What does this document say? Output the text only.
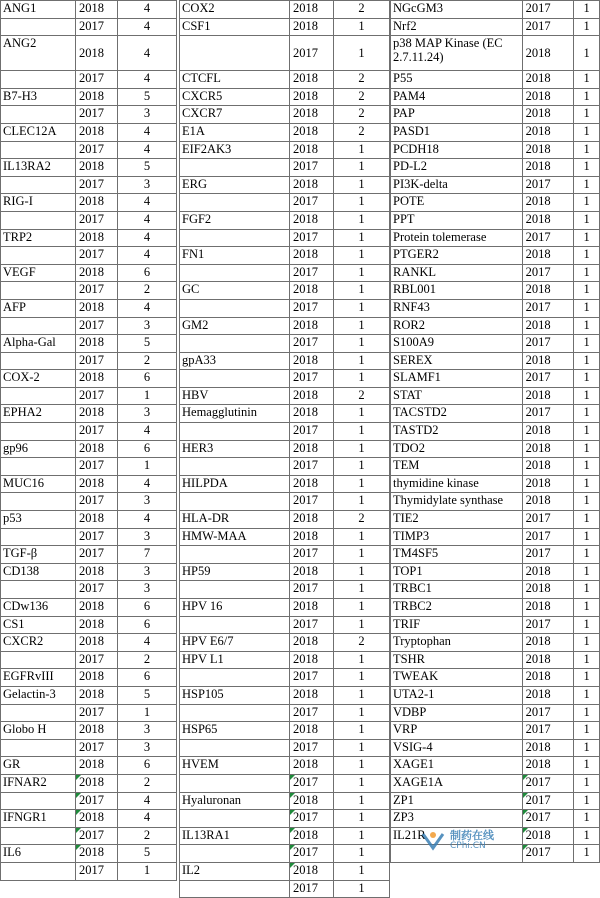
ANG1	2018	4
	2017	4
ANG2	2018	4
	2017	4
B7-H3	2018	5
	2017	3
CLEC12A	2018	4
	2017	4
IL13RA2	2018	5
	2017	3
RIG-I	2018	4
	2017	4
TRP2	2018	4
	2017	4
VEGF	2018	6
	2017	2
AFP	2018	4
	2017	3
Alpha-Gal	2018	5
	2017	2
COX-2	2018	6
	2017	1
EPHA2	2018	3
	2017	4
gp96	2018	6
	2017	1
MUC16	2018	4
	2017	3
p53	2018	4
	2017	3
TGF-β	2017	7
CD138	2018	3
	2017	3
CDw136	2018	6
CS1	2018	6
CXCR2	2018	4
	2017	2
EGFRvIII	2018	6
Gelactin-3	2018	5
	2017	1
Globo H	2018	3
	2017	3
GR	2018	6
IFNAR2	2018	2
	2017	4
IFNGR1	2018	4
	2017	2
IL6	2018	5
	2017	1
COX2	2018	2
CSF1	2018	1
	2017	1
CTCFL	2018	2
CXCR5	2018	2
CXCR7	2018	2
E1A	2018	2
EIF2AK3	2018	1
	2017	1
ERG	2018	1
	2017	1
FGF2	2018	1
	2017	1
FN1	2018	1
	2017	1
GC	2018	1
	2017	1
GM2	2018	1
	2017	1
gpA33	2018	1
	2017	1
HBV	2018	2
Hemagglutinin	2018	1
	2017	1
HER3	2018	1
	2017	1
HILPDA	2018	1
	2017	1
HLA-DR	2018	2
HMW-MAA	2018	1
	2017	1
HP59	2018	1
	2017	1
HPV 16	2018	1
	2017	1
HPV E6/7	2018	2
HPV L1	2018	1
	2017	1
HSP105	2018	1
	2017	1
HSP65	2018	1
	2017	1
HVEM	2018	1
	2017	1
Hyaluronan	2018	1
	2017	1
IL13RA1	2018	1
	2017	1
IL2	2018	1
	2017	1
NGcGM3	2017	1
Nrf2	2017	1
p38 MAP Kinase (EC 2.7.11.24)	2018	1
P55	2018	1
PAM4	2018	1
PAP	2018	1
PASD1	2018	1
PCDH18	2018	1
PD-L2	2018	1
PI3K-delta	2017	1
POTE	2018	1
PPT	2018	1
Protein tolemerase	2017	1
PTGER2	2018	1
RANKL	2017	1
RBL001	2018	1
RNF43	2017	1
ROR2	2018	1
S100A9	2017	1
SEREX	2018	1
SLAMF1	2017	1
STAT	2018	1
TACSTD2	2017	1
TASTD2	2018	1
TDO2	2018	1
TEM	2018	1
thymidine kinase	2018	1
Thymidylate synthase	2018	1
TIE2	2017	1
TIMP3	2017	1
TM4SF5	2017	1
TOP1	2018	1
TRBC1	2018	1
TRBC2	2018	1
TRIF	2017	1
Tryptophan	2018	1
TSHR	2018	1
TWEAK	2018	1
UTA2-1	2018	1
VDBP	2017	1
VRP	2017	1
VSIG-4	2018	1
XAGE1	2018	1
XAGE1A	2017	1
ZP1	2017	1
ZP3	2017	1
IL21R	2018	1
	2017	1
制药在线
CPhi.CN
